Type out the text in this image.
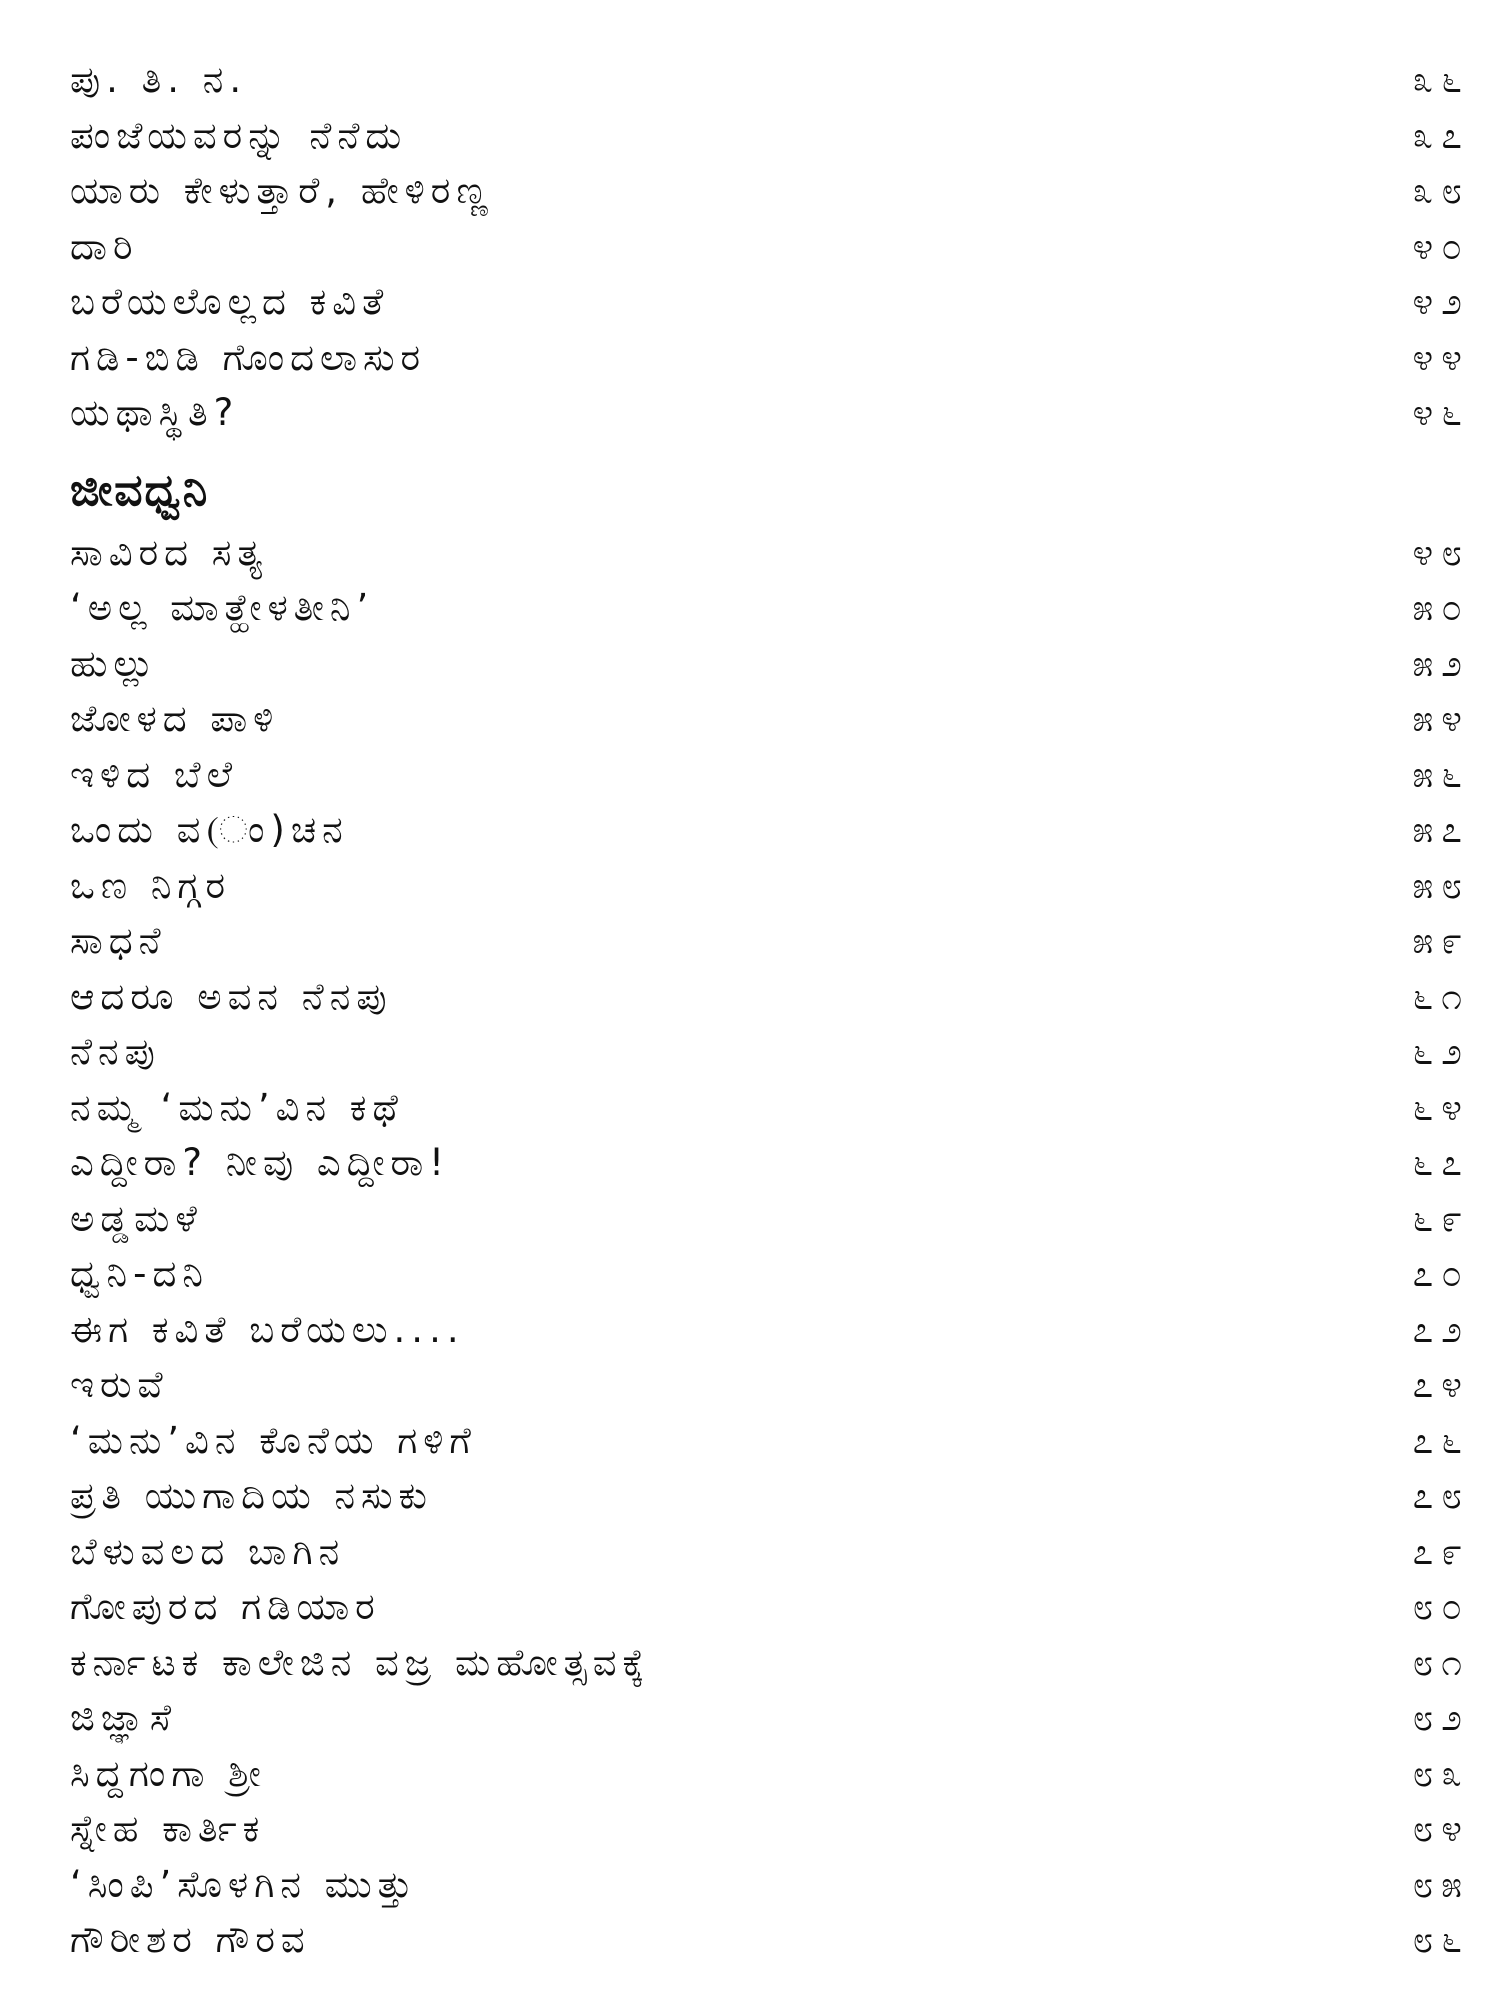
ಪು. ತಿ. ನ.	೩೬
ಪಂಜೆಯವರನ್ನು ನೆನೆದು	೩೭
ಯಾರು ಕೇಳುತ್ತಾರೆ, ಹೇಳಿರಣ್ಣ	೩೮
ದಾರಿ	೪೦
ಬರೆಯಲೊಲ್ಲದ ಕವಿತೆ	೪೨
ಗಡಿ-ಬಿಡಿ ಗೊಂದಲಾಸುರ	೪೪
ಯಥಾಸ್ಥಿತಿ?	೪೬
ಜೀವಧ್ವನಿ
ಸಾವಿರದ ಸತ್ಯ	೪೮
‘ಅಲ್ಲ ಮಾತ್ಹೇಳತೀನಿ’	೫೦
ಹುಲ್ಲು	೫೨
ಜೋಳದ ಪಾಳಿ	೫೪
ಇಳಿದ ಬೆಲೆ	೫೬
ಒಂದು ವ(ಂ)ಚನ	೫೭
ಒಣ ನಿಗ್ಗರ	೫೮
ಸಾಧನೆ	೫೯
ಆದರೂ ಅವನ ನೆನಪು	೬೧
ನೆನಪು	೬೨
ನಮ್ಮ ‘ಮನು’ವಿನ ಕಥೆ	೬೪
ಎದ್ದೀರಾ? ನೀವು ಎದ್ದೀರಾ!	೬೭
ಅಡ್ಡಮಳೆ	೬೯
ಧ್ವನಿ-ದನಿ	೭೦
ಈಗ ಕವಿತೆ ಬರೆಯಲು....	೭೨
ಇರುವೆ	೭೪
‘ಮನು’ವಿನ ಕೊನೆಯ ಗಳಿಗೆ	೭೬
ಪ್ರತಿ ಯುಗಾದಿಯ ನಸುಕು	೭೮
ಬೆಳುವಲದ ಬಾಗಿನ	೭೯
ಗೋಪುರದ ಗಡಿಯಾರ	೮೦
ಕರ್ನಾಟಕ ಕಾಲೇಜಿನ ವಜ್ರ ಮಹೋತ್ಸವಕ್ಕೆ	೮೧
ಜಿಜ್ಞಾಸೆ	೮೨
ಸಿದ್ದಗಂಗಾ ಶ್ರೀ	೮೩
ಸ್ನೇಹ ಕಾರ್ತಿಕ	೮೪
‘ಸಿಂಪಿ’ಸೊಳಗಿನ ಮುತ್ತು	೮೫
ಗೌರೀಶರ ಗೌರವ	೮೬
